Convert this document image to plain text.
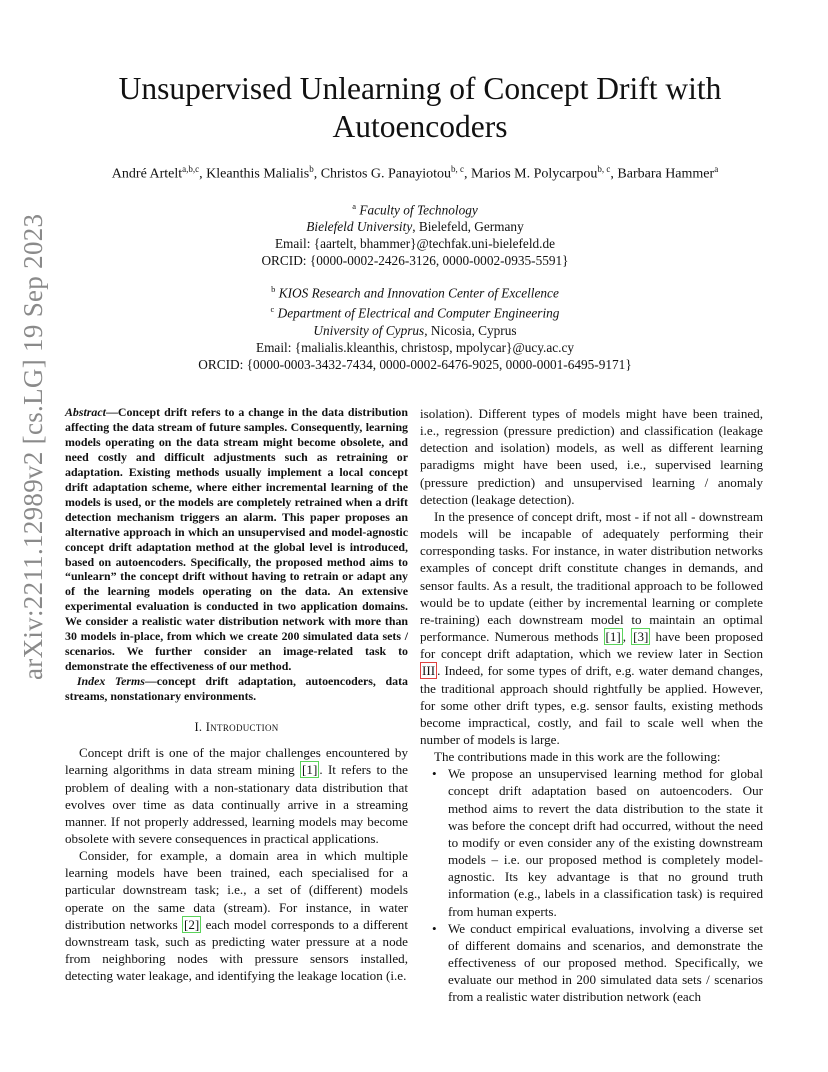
arXiv:2211.12989v2 [cs.LG] 19 Sep 2023
Unsupervised Unlearning of Concept Drift with
Autoencoders
André Artelt$^{a,b,c}$, Kleanthis Malialis$^b$, Christos G. Panayiotou$^{b, c}$, Marios M. Polycarpou$^{b, c}$, Barbara Hammer$^a$
$^a$ Faculty of Technology
Bielefeld University, Bielefeld, Germany
Email: {aartelt, bhammer}@techfak.uni-bielefeld.de
ORCID: {0000-0002-2426-3126, 0000-0002-0935-5591}
$^b$ KIOS Research and Innovation Center of Excellence
$^c$ Department of Electrical and Computer Engineering
University of Cyprus, Nicosia, Cyprus
Email: {malialis.kleanthis, christosp, mpolycar}@ucy.ac.cy
ORCID: {0000-0003-3432-7434, 0000-0002-6476-9025, 0000-0001-6495-9171}
Abstract—Concept drift refers to a change in the data distribution affecting the data stream of future samples. Consequently, learning models operating on the data stream might become obsolete, and need costly and difficult adjustments such as retraining or adaptation. Existing methods usually implement a local concept drift adaptation scheme, where either incremental learning of the models is used, or the models are completely retrained when a drift detection mechanism triggers an alarm. This paper proposes an alternative approach in which an unsupervised and model-agnostic concept drift adaptation method at the global level is introduced, based on autoencoders. Specifically, the proposed method aims to “unlearn” the concept drift without having to retrain or adapt any of the learning models operating on the data. An extensive experimental evaluation is conducted in two application domains. We consider a realistic water distribution network with more than 30 models in-place, from which we create 200 simulated data sets / scenarios. We further consider an image-related task to demonstrate the effectiveness of our method.
 Index Terms—concept drift adaptation, autoencoders, data streams, nonstationary environments.
I. Introduction

Concept drift is one of the major challenges encountered by learning algorithms in data stream mining [1] . It refers to the problem of dealing with a non-stationary data distribution that evolves over time as data continually arrive in a streaming manner. If not properly addressed, learning models may become obsolete with severe consequences in practical applications.

Consider, for example, a domain area in which multiple learning models have been trained, each specialised for a particular downstream task; i.e., a set of (different) models operate on the same data (stream). For instance, in water distribution networks [2] each model corresponds to a different downstream task, such as predicting water pressure at a node from neighboring nodes with pressure sensors installed, detecting water leakage, and identifying the leakage location (i.e.

isolation). Different types of models might have been trained, i.e., regression (pressure prediction) and classification (leakage detection and isolation) models, as well as different learning paradigms might have been used, i.e., supervised learning (pressure prediction) and unsupervised learning / anomaly detection (leakage detection).

In the presence of concept drift, most - if not all - downstream models will be incapable of adequately performing their corresponding tasks. For instance, in water distribution networks examples of concept drift constitute changes in demands, and sensor faults. As a result, the traditional approach to be followed would be to update (either by incremental learning or complete re-training) each downstream model to maintain an optimal performance. Numerous methods [1] , [3] have been proposed for concept drift adaptation, which we review later in Section III . Indeed, for some types of drift, e.g. water demand changes, the traditional approach should rightfully be applied. However, for some other drift types, e.g. sensor faults, existing methods become impractical, costly, and fail to scale well when the number of models is large.

The contributions made in this work are the following:

• We propose an unsupervised learning method for global concept drift adaptation based on autoencoders. Our method aims to revert the data distribution to the state it was before the concept drift had occurred, without the need to modify or even consider any of the existing downstream models – i.e. our proposed method is completely model-agnostic. Its key advantage is that no ground truth information (e.g., labels in a classification task) is required from human experts.
• We conduct empirical evaluations, involving a diverse set of different domains and scenarios, and demonstrate the effectiveness of our proposed method. Specifically, we evaluate our method in 200 simulated data sets / scenarios from a realistic water distribution network (each
